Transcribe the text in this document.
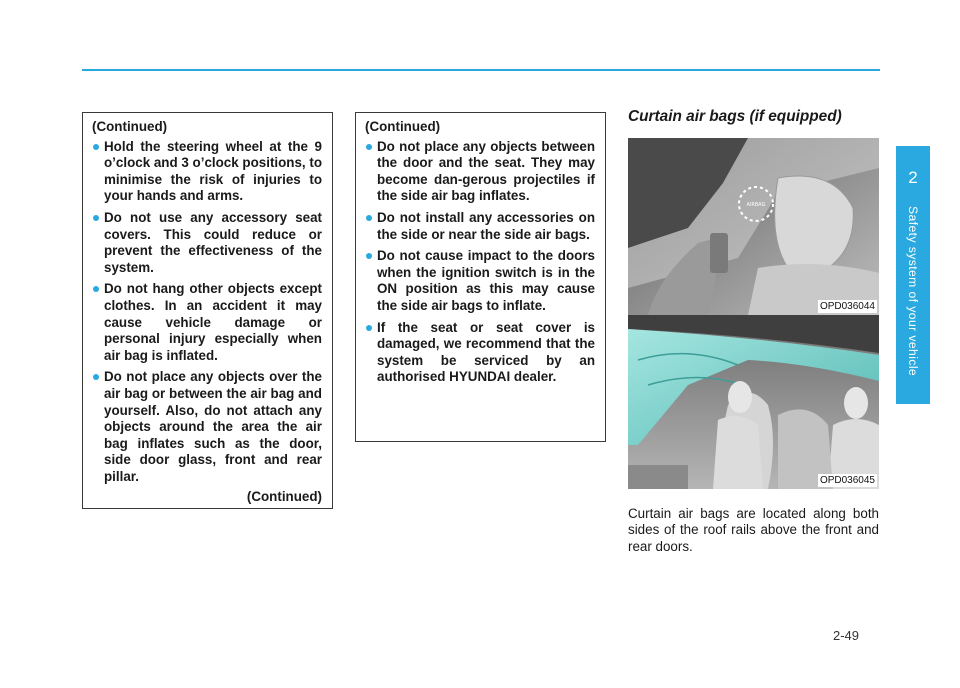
(Continued)
Hold the steering wheel at the 9 o’clock and 3 o’clock positions, to minimise the risk of injuries to your hands and arms.
Do not use any accessory seat covers. This could reduce or prevent the effectiveness of the system.
Do not hang other objects except clothes. In an accident it may cause vehicle damage or personal injury especially when air bag is inflated.
Do not place any objects over the air bag or between the air bag and yourself. Also, do not attach any objects around the area the air bag inflates such as the door, side door glass, front and rear pillar.
(Continued)
(Continued)
Do not place any objects between the door and the seat. They may become dan-gerous projectiles if the side air bag inflates.
Do not install any accessories on the side or near the side air bags.
Do not cause impact to the doors when the ignition switch is in the ON position as this may cause the side air bags to inflate.
If the seat or seat cover is damaged, we recommend that the system be serviced by an authorised HYUNDAI dealer.
Curtain air bags (if equipped)
AIRBAG
OPD036044
OPD036045
Curtain air bags are located along both sides of the roof rails above the front and rear doors.
2
Safety system of your vehicle
2-49
